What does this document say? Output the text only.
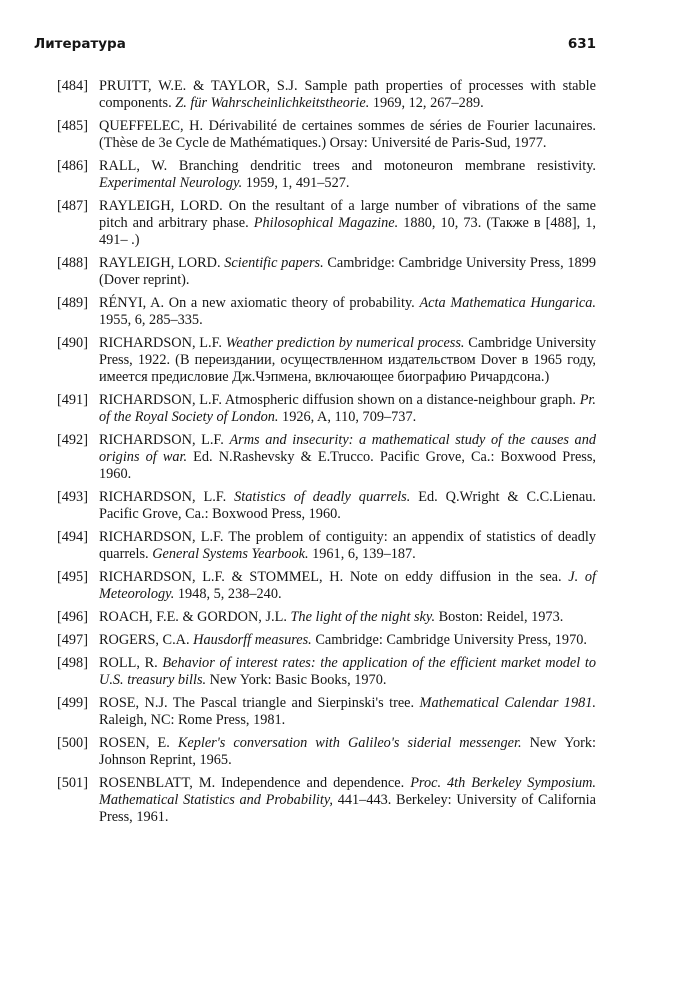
Литература	631
[484] PRUITT, W.E. & TAYLOR, S.J. Sample path properties of processes with stable components. Z. für Wahrscheinlichkeitstheorie. 1969, 12, 267–289.
[485] QUEFFELEC, H. Dérivabilité de certaines sommes de séries de Fourier lacunaires. (Thèse de 3e Cycle de Mathématiques.) Orsay: Université de Paris-Sud, 1977.
[486] RALL, W. Branching dendritic trees and motoneuron membrane resistivity. Experimental Neurology. 1959, 1, 491–527.
[487] RAYLEIGH, LORD. On the resultant of a large number of vibrations of the same pitch and arbitrary phase. Philosophical Magazine. 1880, 10, 73. (Также в [488], 1, 491– .)
[488] RAYLEIGH, LORD. Scientific papers. Cambridge: Cambridge University Press, 1899 (Dover reprint).
[489] RÉNYI, A. On a new axiomatic theory of probability. Acta Mathematica Hungarica. 1955, 6, 285–335.
[490] RICHARDSON, L.F. Weather prediction by numerical process. Cambridge University Press, 1922. (В переиздании, осуществленном издательством Dover в 1965 году, имеется предисловие Дж.Чэпмена, включающее биографию Ричардсона.)
[491] RICHARDSON, L.F. Atmospheric diffusion shown on a distance-neighbour graph. Pr. of the Royal Society of London. 1926, A, 110, 709–737.
[492] RICHARDSON, L.F. Arms and insecurity: a mathematical study of the causes and origins of war. Ed. N.Rashevsky & E.Trucco. Pacific Grove, Ca.: Boxwood Press, 1960.
[493] RICHARDSON, L.F. Statistics of deadly quarrels. Ed. Q.Wright & C.C.Lienau. Pacific Grove, Ca.: Boxwood Press, 1960.
[494] RICHARDSON, L.F. The problem of contiguity: an appendix of statistics of deadly quarrels. General Systems Yearbook. 1961, 6, 139–187.
[495] RICHARDSON, L.F. & STOMMEL, H. Note on eddy diffusion in the sea. J. of Meteorology. 1948, 5, 238–240.
[496] ROACH, F.E. & GORDON, J.L. The light of the night sky. Boston: Reidel, 1973.
[497] ROGERS, C.A. Hausdorff measures. Cambridge: Cambridge University Press, 1970.
[498] ROLL, R. Behavior of interest rates: the application of the efficient market model to U.S. treasury bills. New York: Basic Books, 1970.
[499] ROSE, N.J. The Pascal triangle and Sierpinski's tree. Mathematical Calendar 1981. Raleigh, NC: Rome Press, 1981.
[500] ROSEN, E. Kepler's conversation with Galileo's siderial messenger. New York: Johnson Reprint, 1965.
[501] ROSENBLATT, M. Independence and dependence. Proc. 4th Berkeley Symposium. Mathematical Statistics and Probability, 441–443. Berkeley: University of California Press, 1961.
